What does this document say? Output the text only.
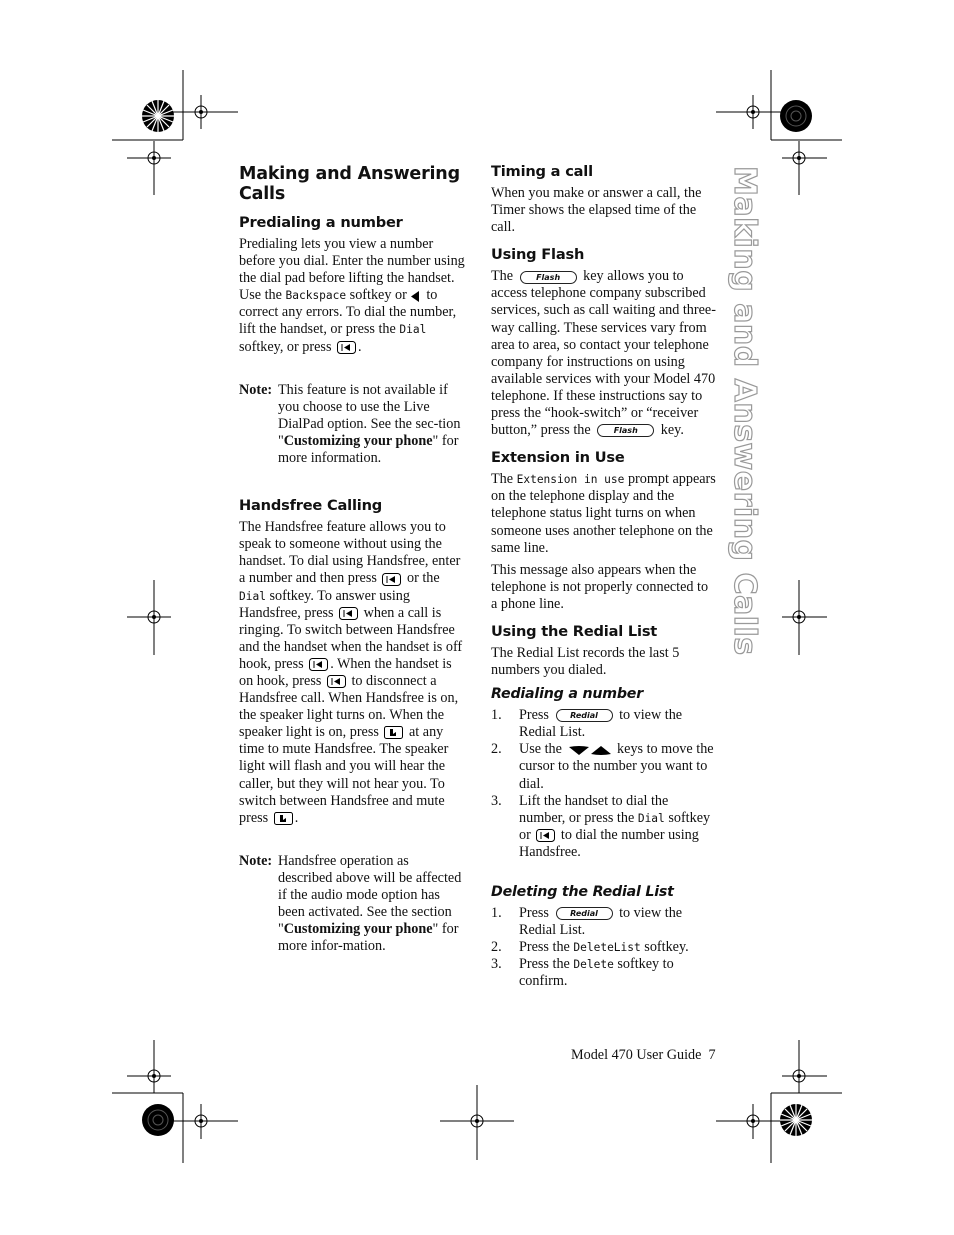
Making and Answering Calls
Making and Answering Calls
Predialing a number

Predialing lets you view a number before you dial. Enter the number using the dial pad before lifting the handset. Use the Backspace softkey or to correct any errors. To dial the number, lift the handset, or press the Dial softkey, or press .

Note: This feature is not available if you choose to use the Live DialPad option. See the sec-tion "Customizing your phone" for more information.

Handsfree Calling

The Handsfree feature allows you to speak to someone without using the handset. To dial using Handsfree, enter a number and then press or the Dial softkey. To answer using Handsfree, press when a call is ringing. To switch between Handsfree and the handset when the handset is off hook, press . When the handset is on hook, press to disconnect a Handsfree call. When Handsfree is on, the speaker light turns on. When the speaker light is on, press at any time to mute Handsfree. The speaker light will flash and you will hear the caller, but they will not hear you. To switch between Handsfree and mute press .

Note: Handsfree operation as described above will be affected if the audio mode option has been activated. See the section "Customizing your phone" for more infor-mation.

Timing a call

When you make or answer a call, the Timer shows the elapsed time of the call.

Using Flash

The	Flash key allows you to access telephone company subscribed services, such as call waiting and three-way calling. These services vary from area to area, so contact your telephone company for instructions on using available services with your Model 470 telephone. If these instructions say to press the “hook-switch” or “receiver button,” press the	Flash key.

Extension in Use

The Extension in use prompt appears on the telephone display and the telephone status light turns on when someone uses another telephone on the same line.

This message also appears when the telephone is not properly connected to a phone line.

Using the Redial List

The Redial List records the last 5 numbers you dialed.

Redialing a number
1. Press	Redial to view the Redial List.
2. Use the	keys to move the cursor to the number you want to dial.
3. Lift the handset to dial the number, or press the Dial softkey or to dial the number using Handsfree.
Deleting the Redial List
1. Press	Redial to view the Redial List.
2. Press the DeleteList softkey.
3. Press the Delete softkey to confirm.
Model 470 User Guide 7
